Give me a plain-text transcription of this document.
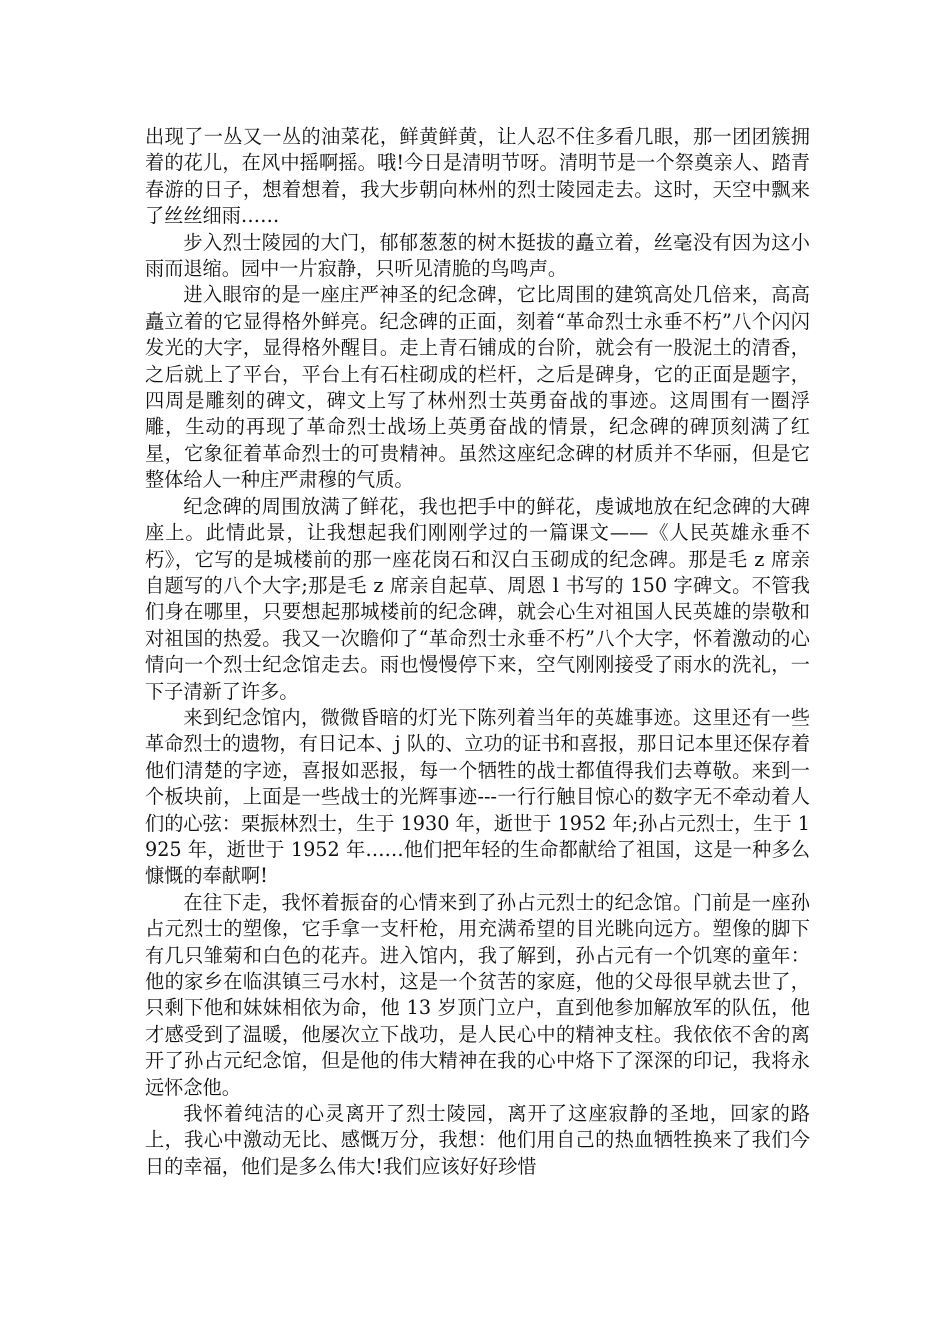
出现了一丛又一丛的油菜花，鲜黄鲜黄，让人忍不住多看几眼，那一团团簇拥着的花儿，在风中摇啊摇。哦!今日是清明节呀。清明节是一个祭奠亲人、踏青春游的日子，想着想着，我大步朝向林州的烈士陵园走去。这时，天空中飘来了丝丝细雨……

步入烈士陵园的大门，郁郁葱葱的树木挺拔的矗立着，丝毫没有因为这小雨而退缩。园中一片寂静，只听见清脆的鸟鸣声。

进入眼帘的是一座庄严神圣的纪念碑，它比周围的建筑高处几倍来，高高矗立着的它显得格外鲜亮。纪念碑的正面，刻着“革命烈士永垂不朽”八个闪闪发光的大字，显得格外醒目。走上青石铺成的台阶，就会有一股泥土的清香，之后就上了平台，平台上有石柱砌成的栏杆，之后是碑身，它的正面是题字，四周是雕刻的碑文，碑文上写了林州烈士英勇奋战的事迹。这周围有一圈浮雕，生动的再现了革命烈士战场上英勇奋战的情景，纪念碑的碑顶刻满了红星，它象征着革命烈士的可贵精神。虽然这座纪念碑的材质并不华丽，但是它整体给人一种庄严肃穆的气质。

纪念碑的周围放满了鲜花，我也把手中的鲜花，虔诚地放在纪念碑的大碑座上。此情此景，让我想起我们刚刚学过的一篇课文——《人民英雄永垂不朽》，它写的是城楼前的那一座花岗石和汉白玉砌成的纪念碑。那是毛 z 席亲自题写的八个大字;那是毛 z 席亲自起草、周恩 l 书写的 150 字碑文。不管我们身在哪里，只要想起那城楼前的纪念碑，就会心生对祖国人民英雄的崇敬和对祖国的热爱。我又一次瞻仰了“革命烈士永垂不朽”八个大字，怀着激动的心情向一个烈士纪念馆走去。雨也慢慢停下来，空气刚刚接受了雨水的洗礼，一下子清新了许多。

来到纪念馆内，微微昏暗的灯光下陈列着当年的英雄事迹。这里还有一些革命烈士的遗物，有日记本、j 队的、立功的证书和喜报，那日记本里还保存着他们清楚的字迹，喜报如恶报，每一个牺牲的战士都值得我们去尊敬。来到一个板块前，上面是一些战士的光辉事迹---一行行触目惊心的数字无不牵动着人们的心弦：栗振林烈士，生于 1930 年，逝世于 1952 年;孙占元烈士，生于 1925 年，逝世于 1952 年……他们把年轻的生命都献给了祖国，这是一种多么慷慨的奉献啊!

在往下走，我怀着振奋的心情来到了孙占元烈士的纪念馆。门前是一座孙占元烈士的塑像，它手拿一支杆枪，用充满希望的目光眺向远方。塑像的脚下有几只雏菊和白色的花卉。进入馆内，我了解到，孙占元有一个饥寒的童年：他的家乡在临淇镇三弓水村，这是一个贫苦的家庭，他的父母很早就去世了，只剩下他和妹妹相依为命，他 13 岁顶门立户，直到他参加解放军的队伍，他才感受到了温暖，他屡次立下战功，是人民心中的精神支柱。我依依不舍的离开了孙占元纪念馆，但是他的伟大精神在我的心中烙下了深深的印记，我将永远怀念他。

我怀着纯洁的心灵离开了烈士陵园，离开了这座寂静的圣地，回家的路上，我心中激动无比、感慨万分，我想：他们用自己的热血牺牲换来了我们今日的幸福，他们是多么伟大!我们应该好好珍惜
